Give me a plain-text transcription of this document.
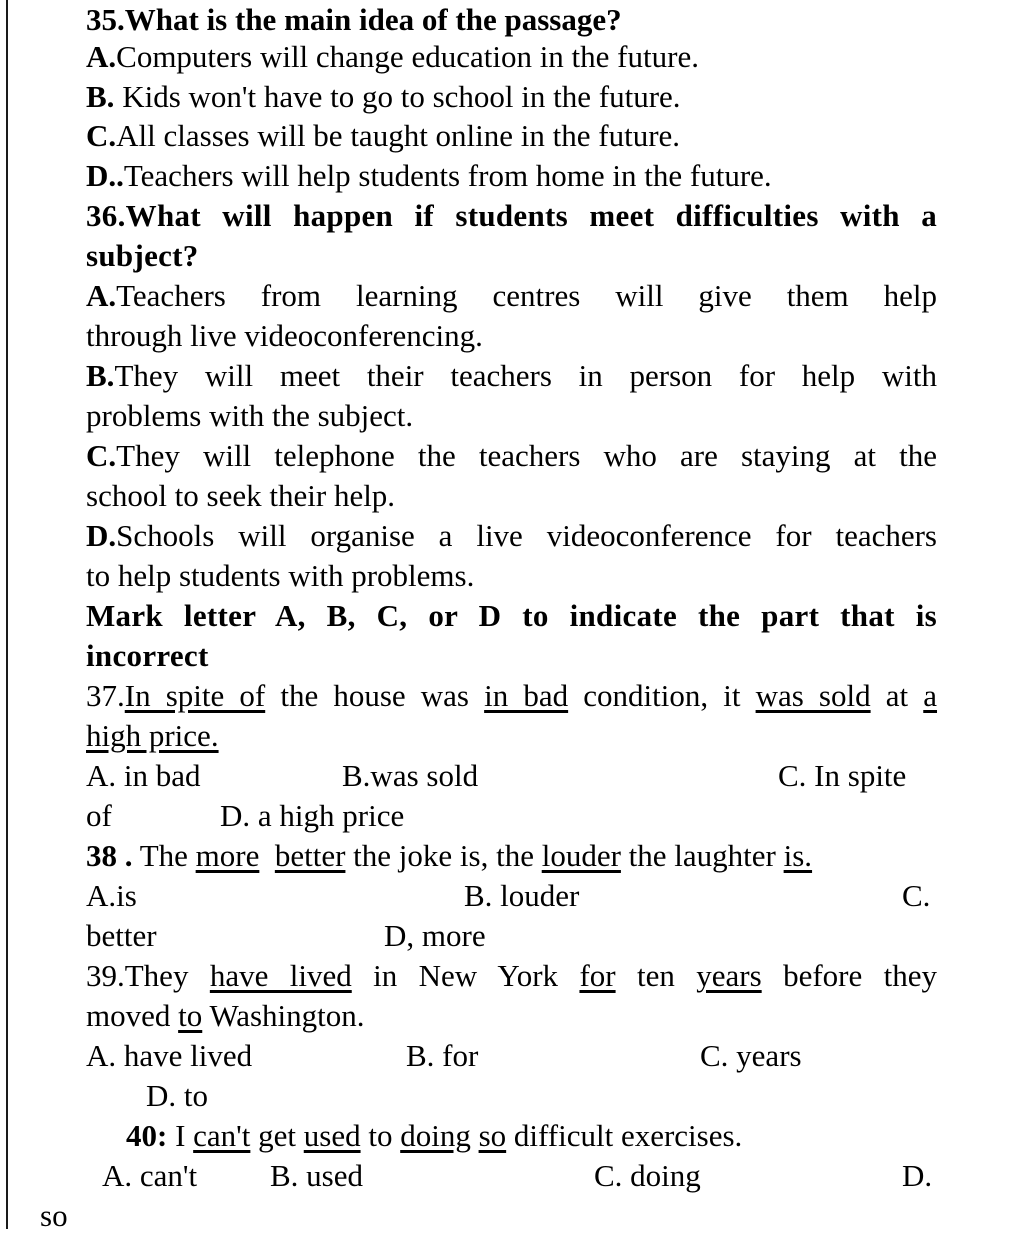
35.What is the main idea of the passage?
A.Computers will change education in the future.
B. Kids won't have to go to school in the future.
C.All classes will be taught online in the future.
D..Teachers will help students from home in the future.
36.What will happen if students meet difficulties with a
subject?
A.Teachers from learning centres will give them help
through live videoconferencing.
B.They will meet their teachers in person for help with
problems with the subject.
C.They will telephone the teachers who are staying at the
school to seek their help.
D.Schools will organise a live videoconference for teachers
to help students with problems.
Mark letter A, B, C, or D to indicate the part that is
incorrect
37.In spite of the house was in bad condition, it was sold at a
high price.
A. in bad	B.was sold	C. In spite
of	D. a high price
38 . The more better the joke is, the louder the laughter is.
A.is	B. louder	C.
better	D, more
39.They have lived in New York for ten years before they
moved to Washington.
A. have lived	B. for	C. years
D. to
40: I can't get used to doing so difficult exercises.
A. can't B. used	C. doing	D.
so
